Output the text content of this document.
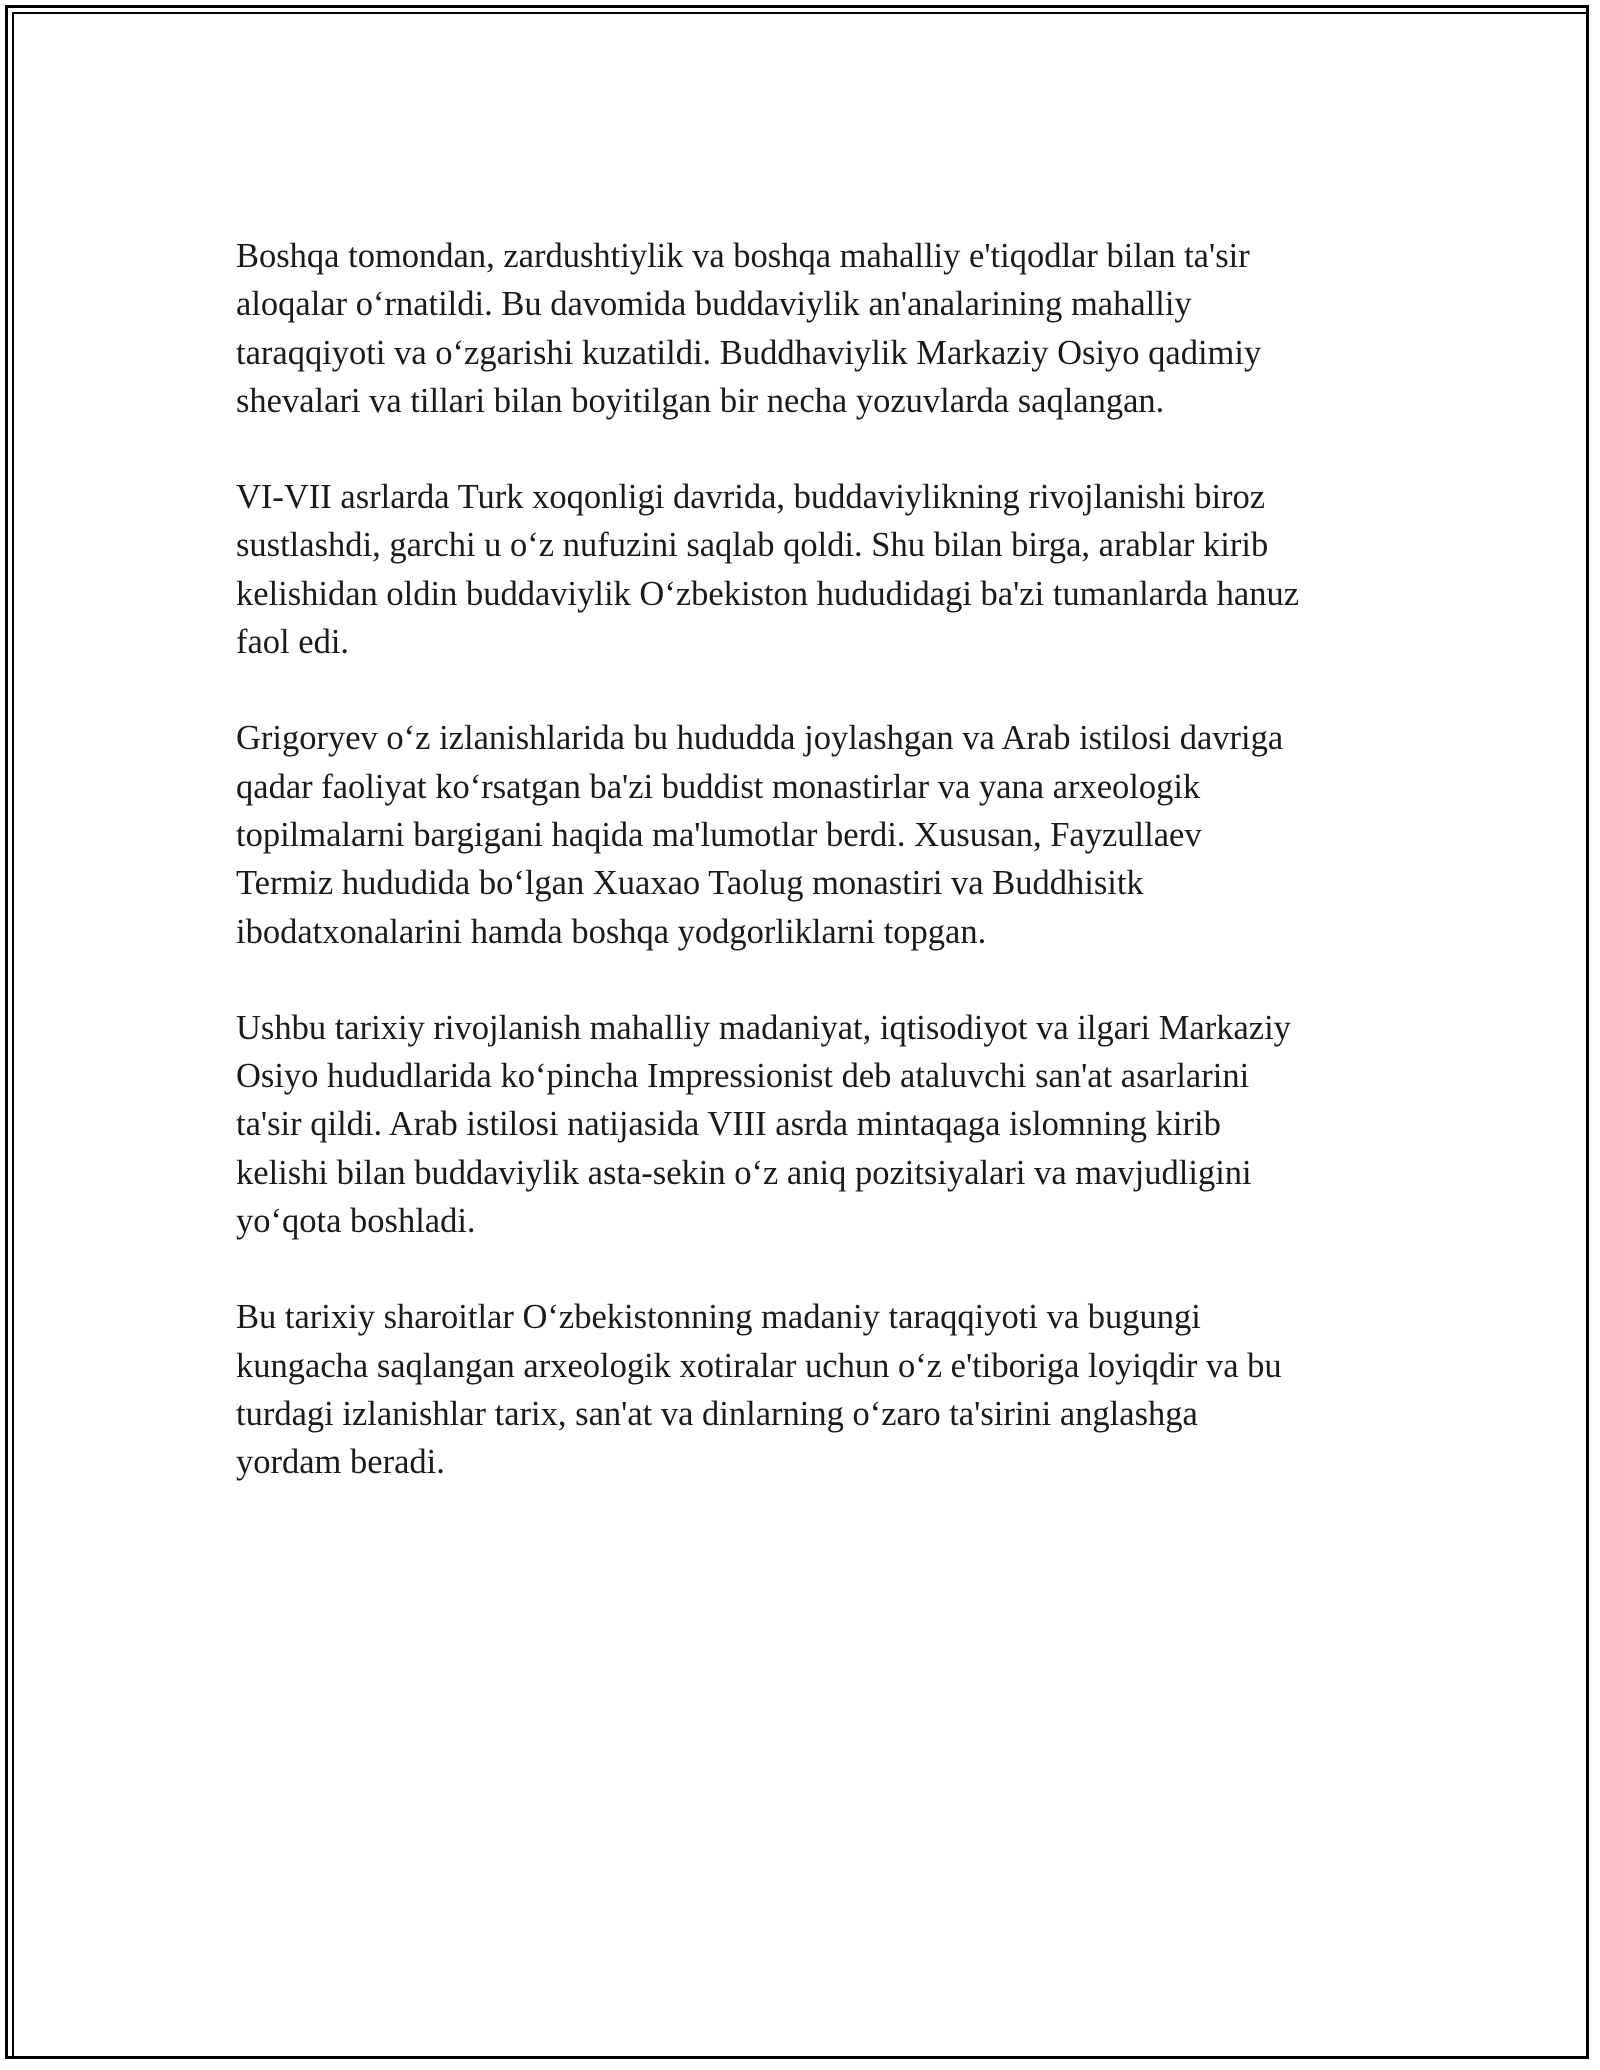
Boshqa tomondan, zardushtiylik va boshqa mahalliy e'tiqodlar bilan ta'sir
aloqalar o‘rnatildi. Bu davomida buddaviylik an'analarining mahalliy
taraqqiyoti va o‘zgarishi kuzatildi. Buddhaviylik Markaziy Osiyo qadimiy
shevalari va tillari bilan boyitilgan bir necha yozuvlarda saqlangan.

VI-VII asrlarda Turk xoqonligi davrida, buddaviylikning rivojlanishi biroz
sustlashdi, garchi u o‘z nufuzini saqlab qoldi. Shu bilan birga, arablar kirib
kelishidan oldin buddaviylik O‘zbekiston hududidagi ba'zi tumanlarda hanuz
faol edi.

Grigoryev o‘z izlanishlarida bu hududda joylashgan va Arab istilosi davriga
qadar faoliyat ko‘rsatgan ba'zi buddist monastirlar va yana arxeologik
topilmalarni bargigani haqida ma'lumotlar berdi. Xususan, Fayzullaev
Termiz hududida bo‘lgan Xuaxao Taolug monastiri va Buddhisitk
ibodatxonalarini hamda boshqa yodgorliklarni topgan.

Ushbu tarixiy rivojlanish mahalliy madaniyat, iqtisodiyot va ilgari Markaziy
Osiyo hududlarida ko‘pincha Impressionist deb ataluvchi san'at asarlarini
ta'sir qildi. Arab istilosi natijasida VIII asrda mintaqaga islomning kirib
kelishi bilan buddaviylik asta-sekin o‘z aniq pozitsiyalari va mavjudligini
yo‘qota boshladi.

Bu tarixiy sharoitlar O‘zbekistonning madaniy taraqqiyoti va bugungi
kungacha saqlangan arxeologik xotiralar uchun o‘z e'tiboriga loyiqdir va bu
turdagi izlanishlar tarix, san'at va dinlarning o‘zaro ta'sirini anglashga
yordam beradi.
